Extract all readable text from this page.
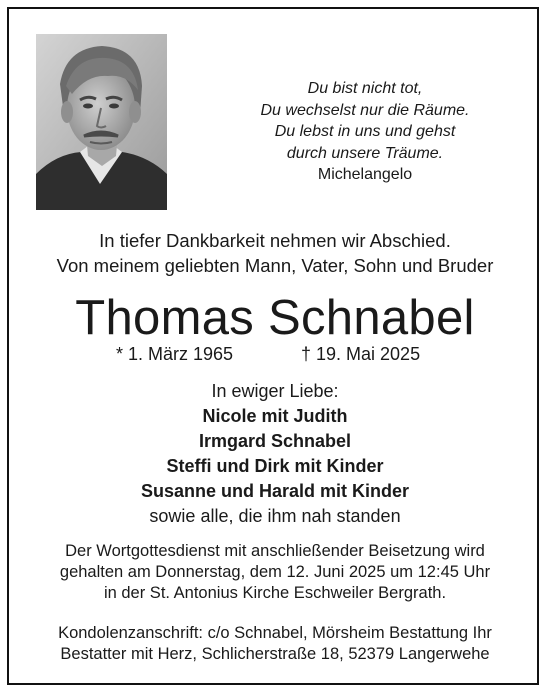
Du bist nicht tot,
Du wechselst nur die Räume.
Du lebst in uns und gehst
durch unsere Träume.
Michelangelo
In tiefer Dankbarkeit nehmen wir Abschied.
Von meinem geliebten Mann, Vater, Sohn und Bruder
Thomas Schnabel
* 1. März 1965	† 19. Mai 2025
In ewiger Liebe:
Nicole mit Judith
Irmgard Schnabel
Steffi und Dirk mit Kinder
Susanne und Harald mit Kinder
sowie alle, die ihm nah standen
Der Wortgottesdienst mit anschließender Beisetzung wird
gehalten am Donnerstag, dem 12. Juni 2025 um 12:45 Uhr
in der St. Antonius Kirche Eschweiler Bergrath.
Kondolenzanschrift: c/o Schnabel, Mörsheim Bestattung Ihr
Bestatter mit Herz, Schlicherstraße 18, 52379 Langerwehe
